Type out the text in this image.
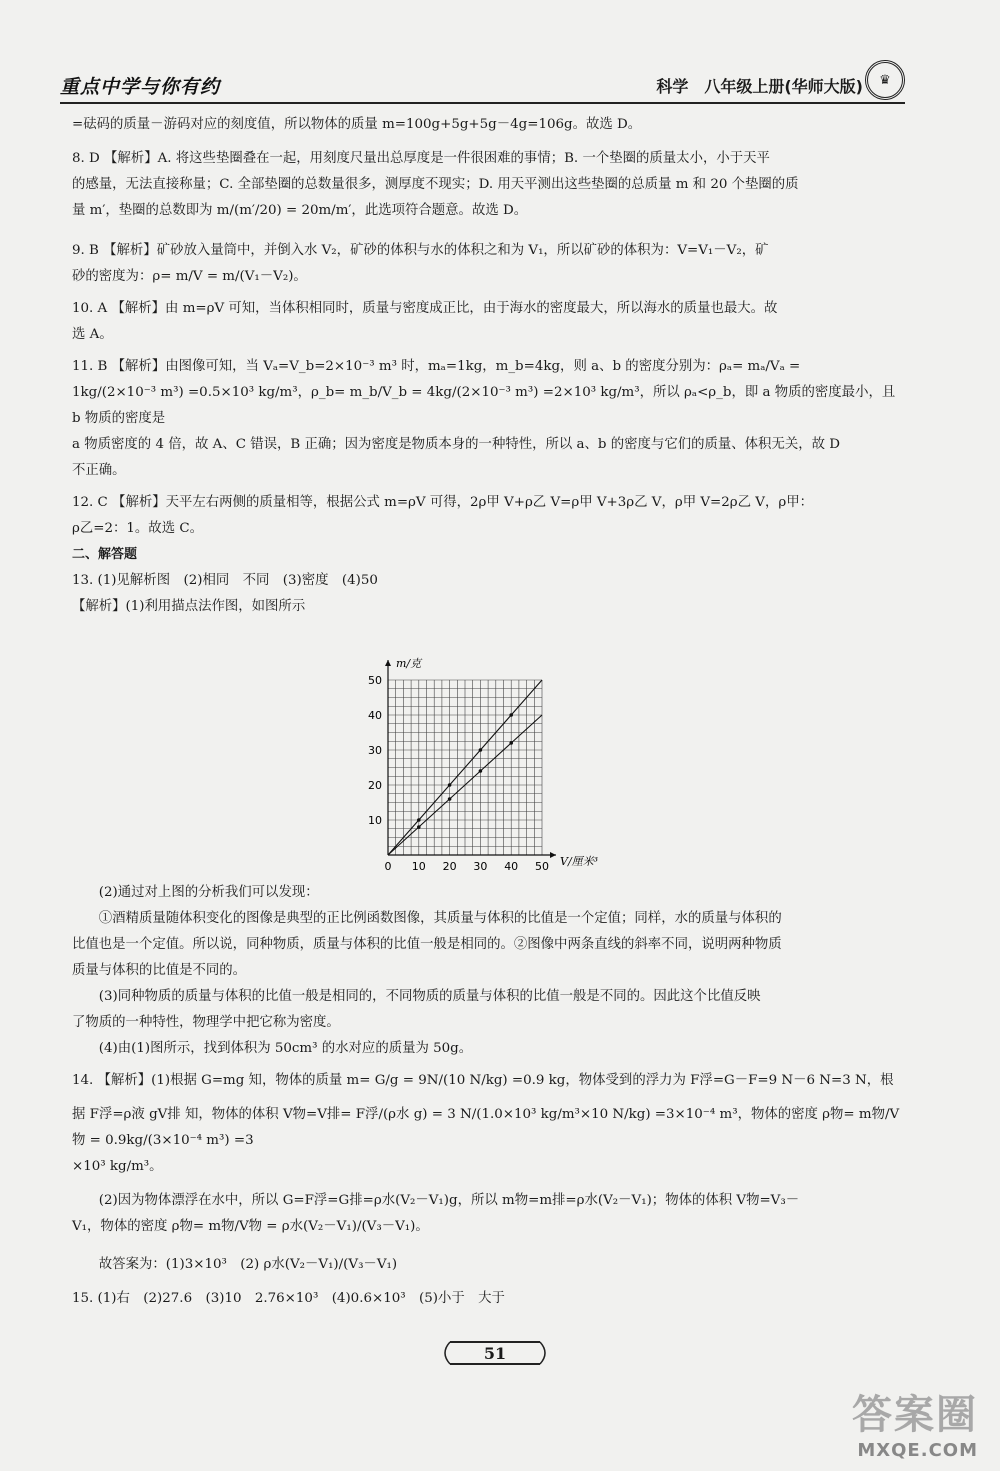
重点中学与你有约	科学　八年级上册(华师大版)	♛

=砝码的质量－游码对应的刻度值，所以物体的质量 m=100g+5g+5g－4g=106g。故选 D。

8. D 【解析】A. 将这些垫圈叠在一起，用刻度尺量出总厚度是一件很困难的事情；B. 一个垫圈的质量太小，小于天平

的感量，无法直接称量；C. 全部垫圈的总数量很多，测厚度不现实；D. 用天平测出这些垫圈的总质量 m 和 20 个垫圈的质

量 m′，垫圈的总数即为 m/(m′/20) = 20m/m′，此选项符合题意。故选 D。

9. B 【解析】矿砂放入量筒中，并倒入水 V₂，矿砂的体积与水的体积之和为 V₁，所以矿砂的体积为：V=V₁－V₂，矿

砂的密度为：ρ= m/V = m/(V₁－V₂)。

10. A 【解析】由 m=ρV 可知，当体积相同时，质量与密度成正比，由于海水的密度最大，所以海水的质量也最大。故

选 A。

11. B 【解析】由图像可知，当 Vₐ=V_b=2×10⁻³ m³ 时，mₐ=1kg，m_b=4kg，则 a、b 的密度分别为：ρₐ= mₐ/Vₐ =

1kg/(2×10⁻³ m³) =0.5×10³ kg/m³，ρ_b= m_b/V_b = 4kg/(2×10⁻³ m³) =2×10³ kg/m³，所以 ρₐ<ρ_b，即 a 物质的密度最小，且 b 物质的密度是

a 物质密度的 4 倍，故 A、C 错误，B 正确；因为密度是物质本身的一种特性，所以 a、b 的密度与它们的质量、体积无关，故 D

不正确。

12. C 【解析】天平左右两侧的质量相等，根据公式 m=ρV 可得，2ρ甲 V+ρ乙 V=ρ甲 V+3ρ乙 V，ρ甲 V=2ρ乙 V，ρ甲：

ρ乙=2：1。故选 C。

二、解答题

13. (1)见解析图　(2)相同　不同　(3)密度　(4)50

【解析】(1)利用描点法作图，如图所示

0 10 20 30 40 50
10
20
30
40
50
V/厘米³
m/克

(2)通过对上图的分析我们可以发现：

①酒精质量随体积变化的图像是典型的正比例函数图像，其质量与体积的比值是一个定值；同样，水的质量与体积的

比值也是一个定值。所以说，同种物质，质量与体积的比值一般是相同的。②图像中两条直线的斜率不同，说明两种物质

质量与体积的比值是不同的。

(3)同种物质的质量与体积的比值一般是相同的，不同物质的质量与体积的比值一般是不同的。因此这个比值反映

了物质的一种特性，物理学中把它称为密度。

(4)由(1)图所示，找到体积为 50cm³ 的水对应的质量为 50g。

14. 【解析】(1)根据 G=mg 知，物体的质量 m= G/g = 9N/(10 N/kg) =0.9 kg，物体受到的浮力为 F浮=G－F=9 N－6 N=3 N，根

据 F浮=ρ液 gV排 知，物体的体积 V物=V排= F浮/(ρ水 g) = 3 N/(1.0×10³ kg/m³×10 N/kg) =3×10⁻⁴ m³，物体的密度 ρ物= m物/V物 = 0.9kg/(3×10⁻⁴ m³) =3

×10³ kg/m³。

(2)因为物体漂浮在水中，所以 G=F浮=G排=ρ水(V₂－V₁)g，所以 m物=m排=ρ水(V₂－V₁)；物体的体积 V物=V₃－

V₁，物体的密度 ρ物= m物/V物 = ρ水(V₂－V₁)/(V₃－V₁)。

故答案为：(1)3×10³　(2) ρ水(V₂－V₁)/(V₃－V₁)

15. (1)右　(2)27.6　(3)10　2.76×10³　(4)0.6×10³　(5)小于　大于

51
答案圈
MXQE.COM
